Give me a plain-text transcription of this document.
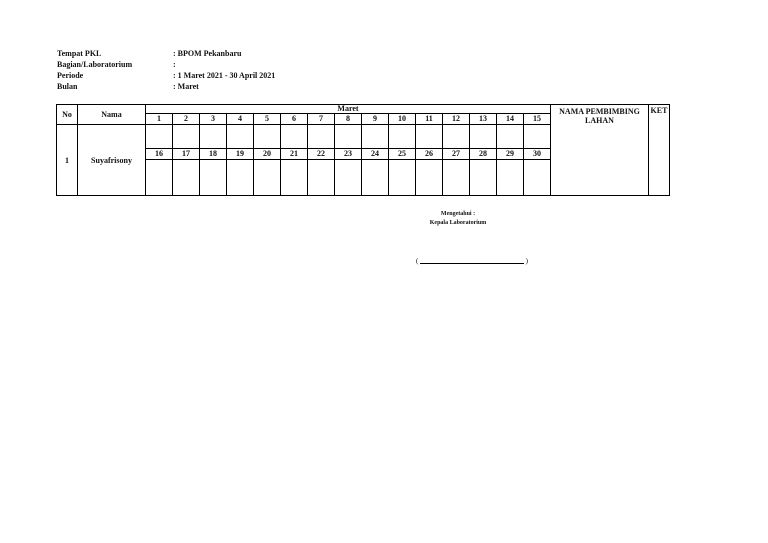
Tempat PKL	: BPOM Pekanbaru
Bagian/Laboratorium	:
Periode	: 1 Maret 2021 - 30 April 2021
Bulan	: Maret
No	Nama	Maret															NAMA PEMBIMBING LAHAN	KET
		1	2	3	4	5	6	7	8	9	10	11	12	13	14	15		
1	Suyafrisony																	
		16	17	18	19	20	21	22	23	24	25	26	27	28	29	30		

Mengetahui :
Kepala Laboratorium
(	)
